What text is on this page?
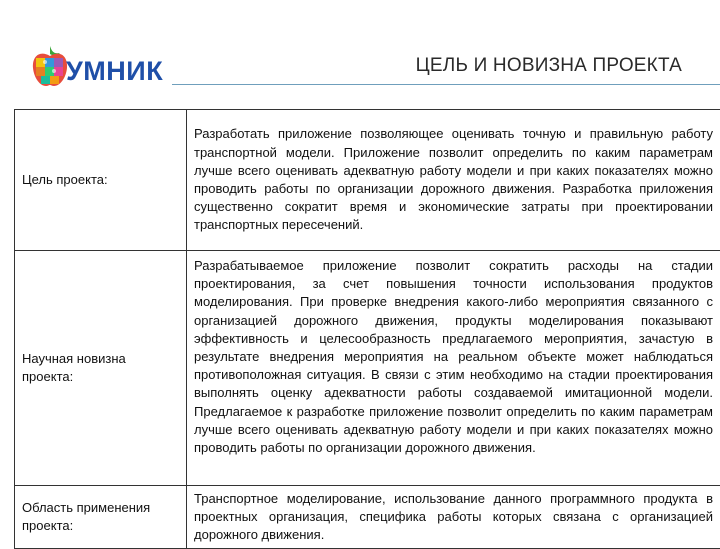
УМНИК	ЦЕЛЬ И НОВИЗНА ПРОЕКТА
Цель проекта:	Разработать приложение позволяющее оценивать точную и правильную работу транспортной модели. Приложение позволит определить по каким параметрам лучше всего оценивать адекватную работу модели и при каких показателях можно проводить работы по организации дорожного движения. Разработка приложения существенно сократит время и экономические затраты при проектировании транспортных пересечений.
Научная новизна проекта:	Разрабатываемое приложение позволит сократить расходы на стадии проектирования, за счет повышения точности использования продуктов моделирования. При проверке внедрения какого-либо мероприятия связанного с организацией дорожного движения, продукты моделирования показывают эффективность и целесообразность предлагаемого мероприятия, зачастую в результате внедрения мероприятия на реальном объекте может наблюдаться противоположная ситуация. В связи с этим необходимо на стадии проектирования выполнять оценку адекватности работы создаваемой имитационной модели. Предлагаемое к разработке приложение позволит определить по каким параметрам лучше всего оценивать адекватную работу модели и при каких показателях можно проводить работы по организации дорожного движения.
Область применения проекта:	Транспортное моделирование, использование данного программного продукта в проектных организация, специфика работы которых связана с организацией дорожного движения.
